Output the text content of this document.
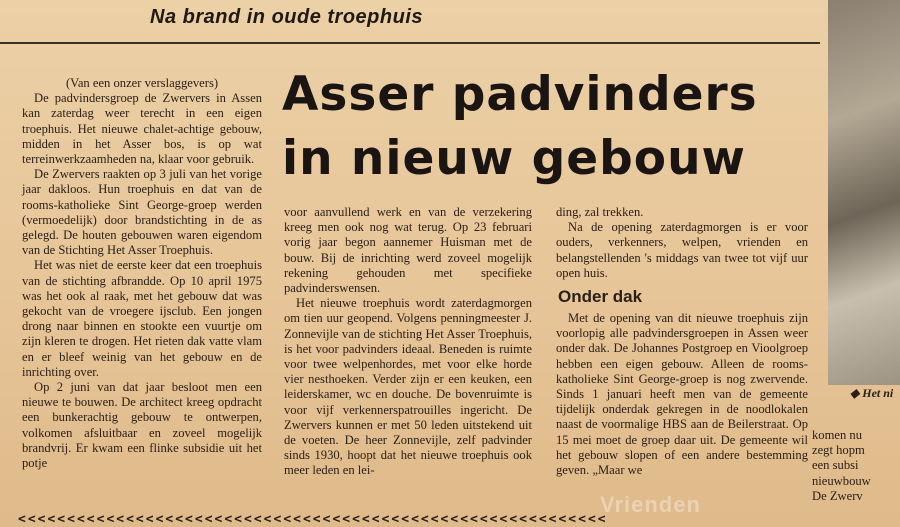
Na brand in oude troephuis
Asser padvinders
in nieuw gebouw

(Van een onzer verslaggevers)

De padvindersgroep de Zwervers in Assen kan zaterdag weer terecht in een eigen troephuis. Het nieuwe chalet-achtige gebouw, midden in het Asser bos, is op wat terreinwerkzaamheden na, klaar voor gebruik.

De Zwervers raakten op 3 juli van het vorige jaar dakloos. Hun troephuis en dat van de rooms-katholieke Sint George-groep werden (vermoedelijk) door brandstichting in de as gelegd. De houten gebouwen waren eigendom van de Stichting Het Asser Troephuis.

Het was niet de eerste keer dat een troephuis van de stichting afbrandde. Op 10 april 1975 was het ook al raak, met het gebouw dat was gekocht van de vroegere ijsclub. Een jongen drong naar binnen en stookte een vuurtje om zijn kleren te drogen. Het rieten dak vatte vlam en er bleef weinig van het gebouw en de inrichting over.

Op 2 juni van dat jaar besloot men een nieuwe te bouwen. De architect kreeg opdracht een bunkerachtig gebouw te ontwerpen, volkomen afsluitbaar en zoveel mogelijk brandvrij. Er kwam een flinke subsidie uit het potje

voor aanvullend werk en van de verzekering kreeg men ook nog wat terug. Op 23 februari vorig jaar begon aannemer Huisman met de bouw. Bij de inrichting werd zoveel mogelijk rekening gehouden met specifieke padvinderswensen.

Het nieuwe troephuis wordt zaterdagmorgen om tien uur geopend. Volgens penningmeester J. Zonnevijle van de stichting Het Asser Troephuis, is het voor padvinders ideaal. Beneden is ruimte voor twee welpenhordes, met voor elke horde vier nesthoeken. Verder zijn er een keuken, een leiderskamer, wc en douche. De bovenruimte is voor vijf verkennerspatrouilles ingericht. De Zwervers kunnen er met 50 leden uitstekend uit de voeten. De heer Zonnevijle, zelf padvinder sinds 1930, hoopt dat het nieuwe troephuis ook meer leden en lei-

ding, zal trekken.

Na de opening zaterdagmorgen is er voor ouders, verkenners, welpen, vrienden en belangstellenden 's middags van twee tot vijf uur open huis.

Onder dak

Met de opening van dit nieuwe troephuis zijn voorlopig alle padvindersgroepen in Assen weer onder dak. De Johannes Postgroep en Vioolgroep hebben een eigen gebouw. Alleen de rooms-katholieke Sint George-groep is nog zwervende. Sinds 1 januari heeft men van de gemeente tijdelijk onderdak gekregen in de noodlokalen naast de voormalige HBS aan de Beilerstraat. Op 15 mei moet de groep daar uit. De gemeente wil het gebouw slopen of een andere bestemming geven. „Maar we

◆ Het ni
komen nu
zegt hopm
een subsi
nieuwbouw
De Zwerv
<<<<<<<<<<<<<<<<<<<<<<<<<<<<<<<<<<<<<<<<<<<<<<<<<<<<<<<<<<<<
Vrienden
